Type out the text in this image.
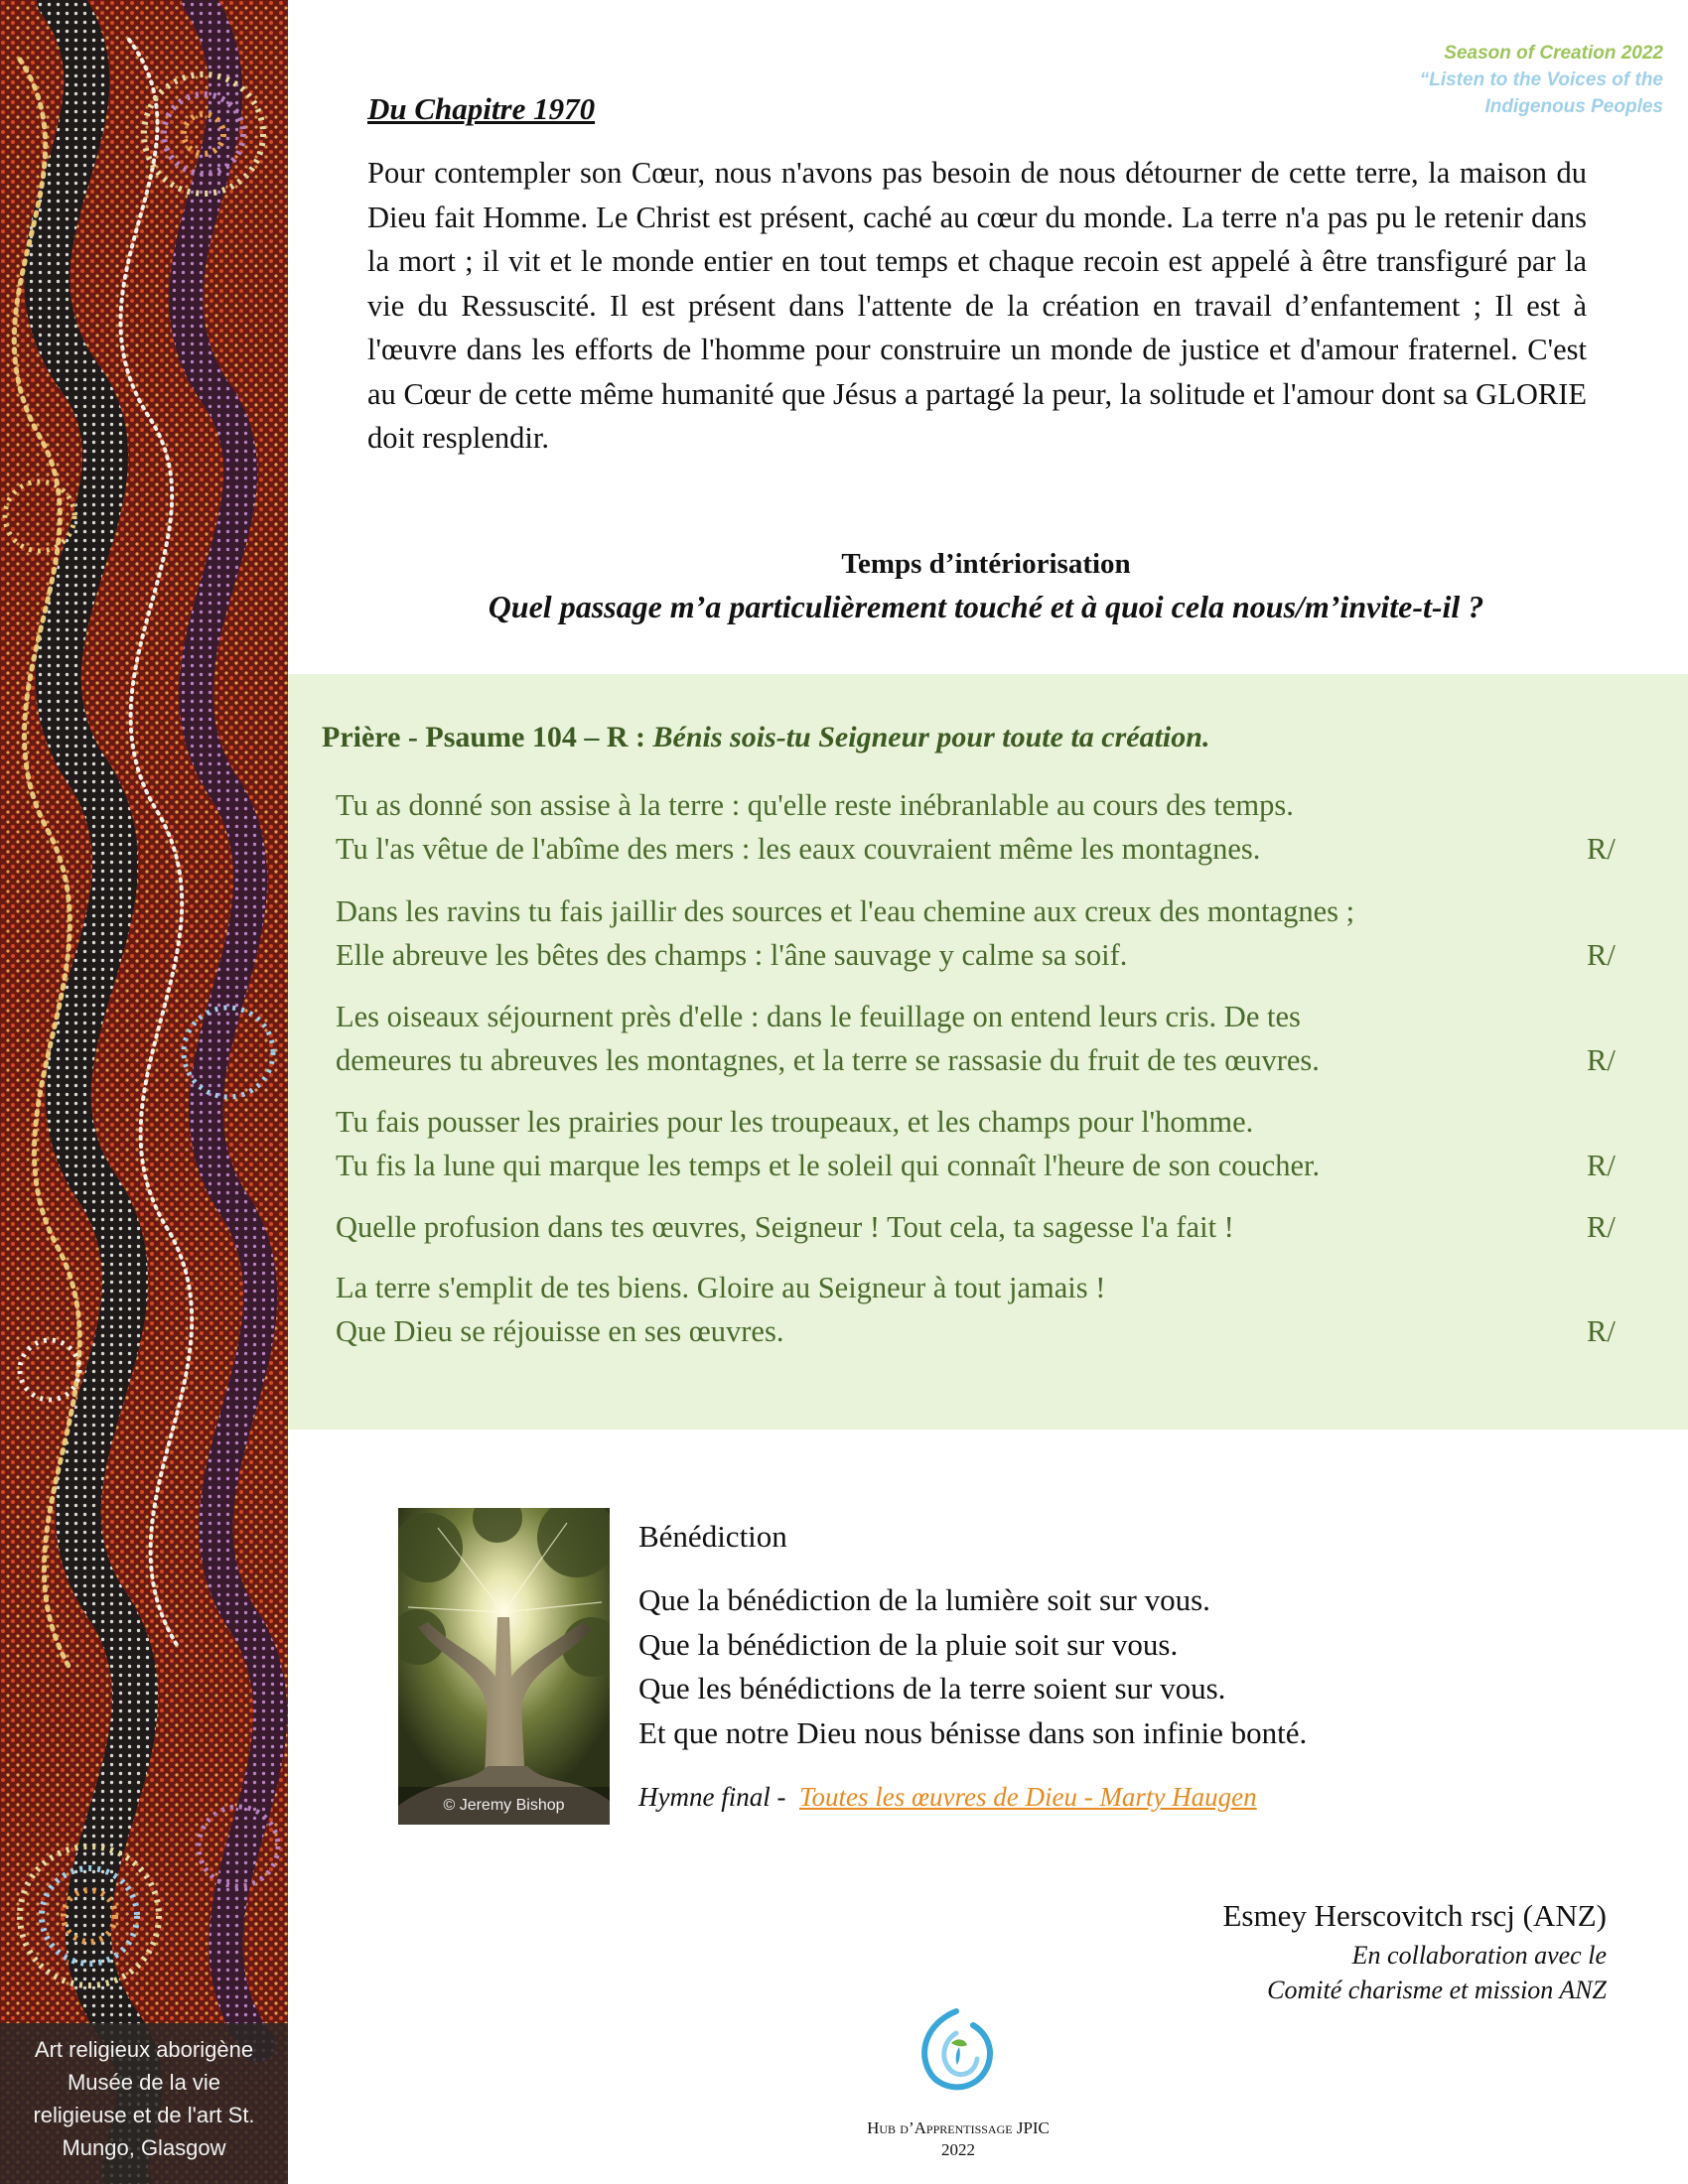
Art religieux aborigène
Musée de la vie
religieuse et de l'art St.
Mungo, Glasgow
Season of Creation 2022
“Listen to the Voices of the
Indigenous Peoples
Du Chapitre 1970

Pour contempler son Cœur, nous n'avons pas besoin de nous détourner de cette terre, la maison du Dieu fait Homme. Le Christ est présent, caché au cœur du monde. La terre n'a pas pu le retenir dans la mort ; il vit et le monde entier en tout temps et chaque recoin est appelé à être transfiguré par la vie du Ressuscité. Il est présent dans l'attente de la création en travail d’enfantement ; Il est à l'œuvre dans les efforts de l'homme pour construire un monde de justice et d'amour fraternel. C'est au Cœur de cette même humanité que Jésus a partagé la peur, la solitude et l'amour dont sa GLORIE doit resplendir.

Temps d’intériorisation
Quel passage m’a particulièrement touché et à quoi cela nous/m’invite-t-il ?
Prière - Psaume 104 – R : Bénis sois-tu Seigneur pour toute ta création.
Tu as donné son assise à la terre : qu'elle reste inébranlable au cours des temps.
Tu l'as vêtue de l'abîme des mers : les eaux couvraient même les montagnes.	R/
Dans les ravins tu fais jaillir des sources et l'eau chemine aux creux des montagnes ;
Elle abreuve les bêtes des champs : l'âne sauvage y calme sa soif.	R/
Les oiseaux séjournent près d'elle : dans le feuillage on entend leurs cris. De tes
demeures tu abreuves les montagnes, et la terre se rassasie du fruit de tes œuvres.	R/
Tu fais pousser les prairies pour les troupeaux, et les champs pour l'homme.
Tu fis la lune qui marque les temps et le soleil qui connaît l'heure de son coucher.	R/
Quelle profusion dans tes œuvres, Seigneur ! Tout cela, ta sagesse l'a fait !	R/
La terre s'emplit de tes biens. Gloire au Seigneur à tout jamais !
Que Dieu se réjouisse en ses œuvres.	R/
© Jeremy Bishop
Bénédiction
Que la bénédiction de la lumière soit sur vous.
Que la bénédiction de la pluie soit sur vous.
Que les bénédictions de la terre soient sur vous.
Et que notre Dieu nous bénisse dans son infinie bonté.
Hymne final - Toutes les œuvres de Dieu - Marty Haugen
Esmey Herscovitch rscj (ANZ)
En collaboration avec le
Comité charisme et mission ANZ
Hub d’Apprentissage JPIC
2022
